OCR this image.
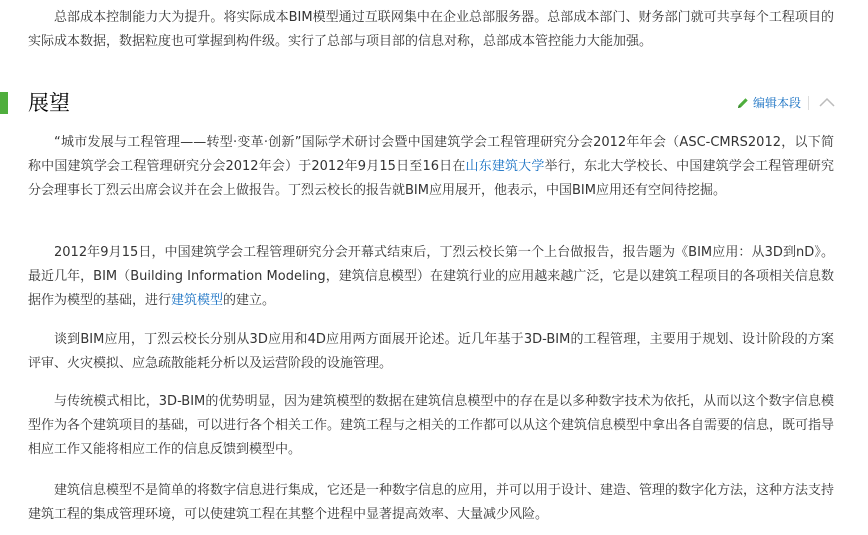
总部成本控制能力大为提升。将实际成本BIM模型通过互联网集中在企业总部服务器。总部成本部门、财务部门就可共享每个工程项目的实际成本数据，数据粒度也可掌握到构件级。实行了总部与项目部的信息对称，总部成本管控能力大能加强。

展望	编辑本段

“城市发展与工程管理——转型·变革·创新”国际学术研讨会暨中国建筑学会工程管理研究分会2012年年会（ASC-CMRS2012，以下简称中国建筑学会工程管理研究分会2012年会）于2012年9月15日至16日在山东建筑大学举行，东北大学校长、中国建筑学会工程管理研究分会理事长丁烈云出席会议并在会上做报告。丁烈云校长的报告就BIM应用展开，他表示，中国BIM应用还有空间待挖掘。

2012年9月15日，中国建筑学会工程管理研究分会开幕式结束后，丁烈云校长第一个上台做报告，报告题为《BIM应用：从3D到nD》。最近几年，BIM（Building Information Modeling，建筑信息模型）在建筑行业的应用越来越广泛，它是以建筑工程项目的各项相关信息数据作为模型的基础，进行建筑模型的建立。

谈到BIM应用，丁烈云校长分别从3D应用和4D应用两方面展开论述。近几年基于3D-BIM的工程管理，主要用于规划、设计阶段的方案评审、火灾模拟、应急疏散能耗分析以及运营阶段的设施管理。

与传统模式相比，3D-BIM的优势明显，因为建筑模型的数据在建筑信息模型中的存在是以多种数字技术为依托，从而以这个数字信息模型作为各个建筑项目的基础，可以进行各个相关工作。建筑工程与之相关的工作都可以从这个建筑信息模型中拿出各自需要的信息，既可指导相应工作又能将相应工作的信息反馈到模型中。

建筑信息模型不是简单的将数字信息进行集成，它还是一种数字信息的应用，并可以用于设计、建造、管理的数字化方法，这种方法支持建筑工程的集成管理环境，可以使建筑工程在其整个进程中显著提高效率、大量减少风险。
